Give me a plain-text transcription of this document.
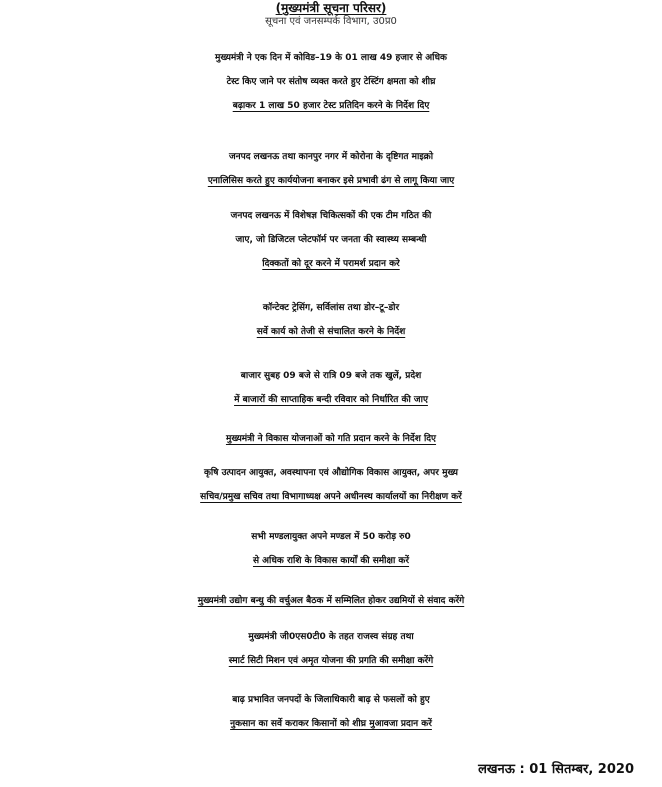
(मुख्यमंत्री सूचना परिसर)
सूचना एवं जनसम्पर्क विभाग, उ0प्र0
मुख्यमंत्री ने एक दिन में कोविड–19 के 01 लाख 49 हजार से अधिक
टेस्ट किए जाने पर संतोष व्यक्त करते हुए टेस्टिंग क्षमता को शीघ्र
बढ़ाकर 1 लाख 50 हजार टेस्ट प्रतिदिन करने के निर्देश दिए
जनपद लखनऊ तथा कानपुर नगर में कोरोना के दृष्टिगत माइक्रो
एनालिसिस करते हुए कार्ययोजना बनाकर इसे प्रभावी ढंग से लागू किया जाए
जनपद लखनऊ में विशेषज्ञ चिकित्सकों की एक टीम गठित की
जाए, जो डिजिटल प्लेटफॉर्म पर जनता की स्वास्थ्य सम्बन्धी
दिक्कतों को दूर करने में परामर्श प्रदान करे
कॉन्टेक्ट ट्रेसिंग, सर्विलांस तथा डोर–टू–डोर
सर्वे कार्य को तेजी से संचालित करने के निर्देश
बाजार सुबह 09 बजे से रात्रि 09 बजे तक खुलें, प्रदेश
में बाजारों की साप्ताहिक बन्दी रविवार को निर्धारित की जाए
मुख्यमंत्री ने विकास योजनाओं को गति प्रदान करने के निर्देश दिए
कृषि उत्पादन आयुक्त, अवस्थापना एवं औद्योगिक विकास आयुक्त, अपर मुख्य
सचिव/प्रमुख सचिव तथा विभागाध्यक्ष अपने अधीनस्थ कार्यालयों का निरीक्षण करें
सभी मण्डलायुक्त अपने मण्डल में 50 करोड़ रु0
से अधिक राशि के विकास कार्यों की समीक्षा करें
मुख्यमंत्री उद्योग बन्धु की वर्चुअल बैठक में सम्मिलित होकर उद्यमियों से संवाद करेंगे
मुख्यमंत्री जी0एस0टी0 के तहत राजस्व संग्रह तथा
स्मार्ट सिटी मिशन एवं अमृत योजना की प्रगति की समीक्षा करेंगे
बाढ़ प्रभावित जनपदों के जिलाधिकारी बाढ़ से फसलों को हुए
नुकसान का सर्वे कराकर किसानों को शीघ्र मुआवजा प्रदान करें
लखनऊ : 01 सितम्बर, 2020
